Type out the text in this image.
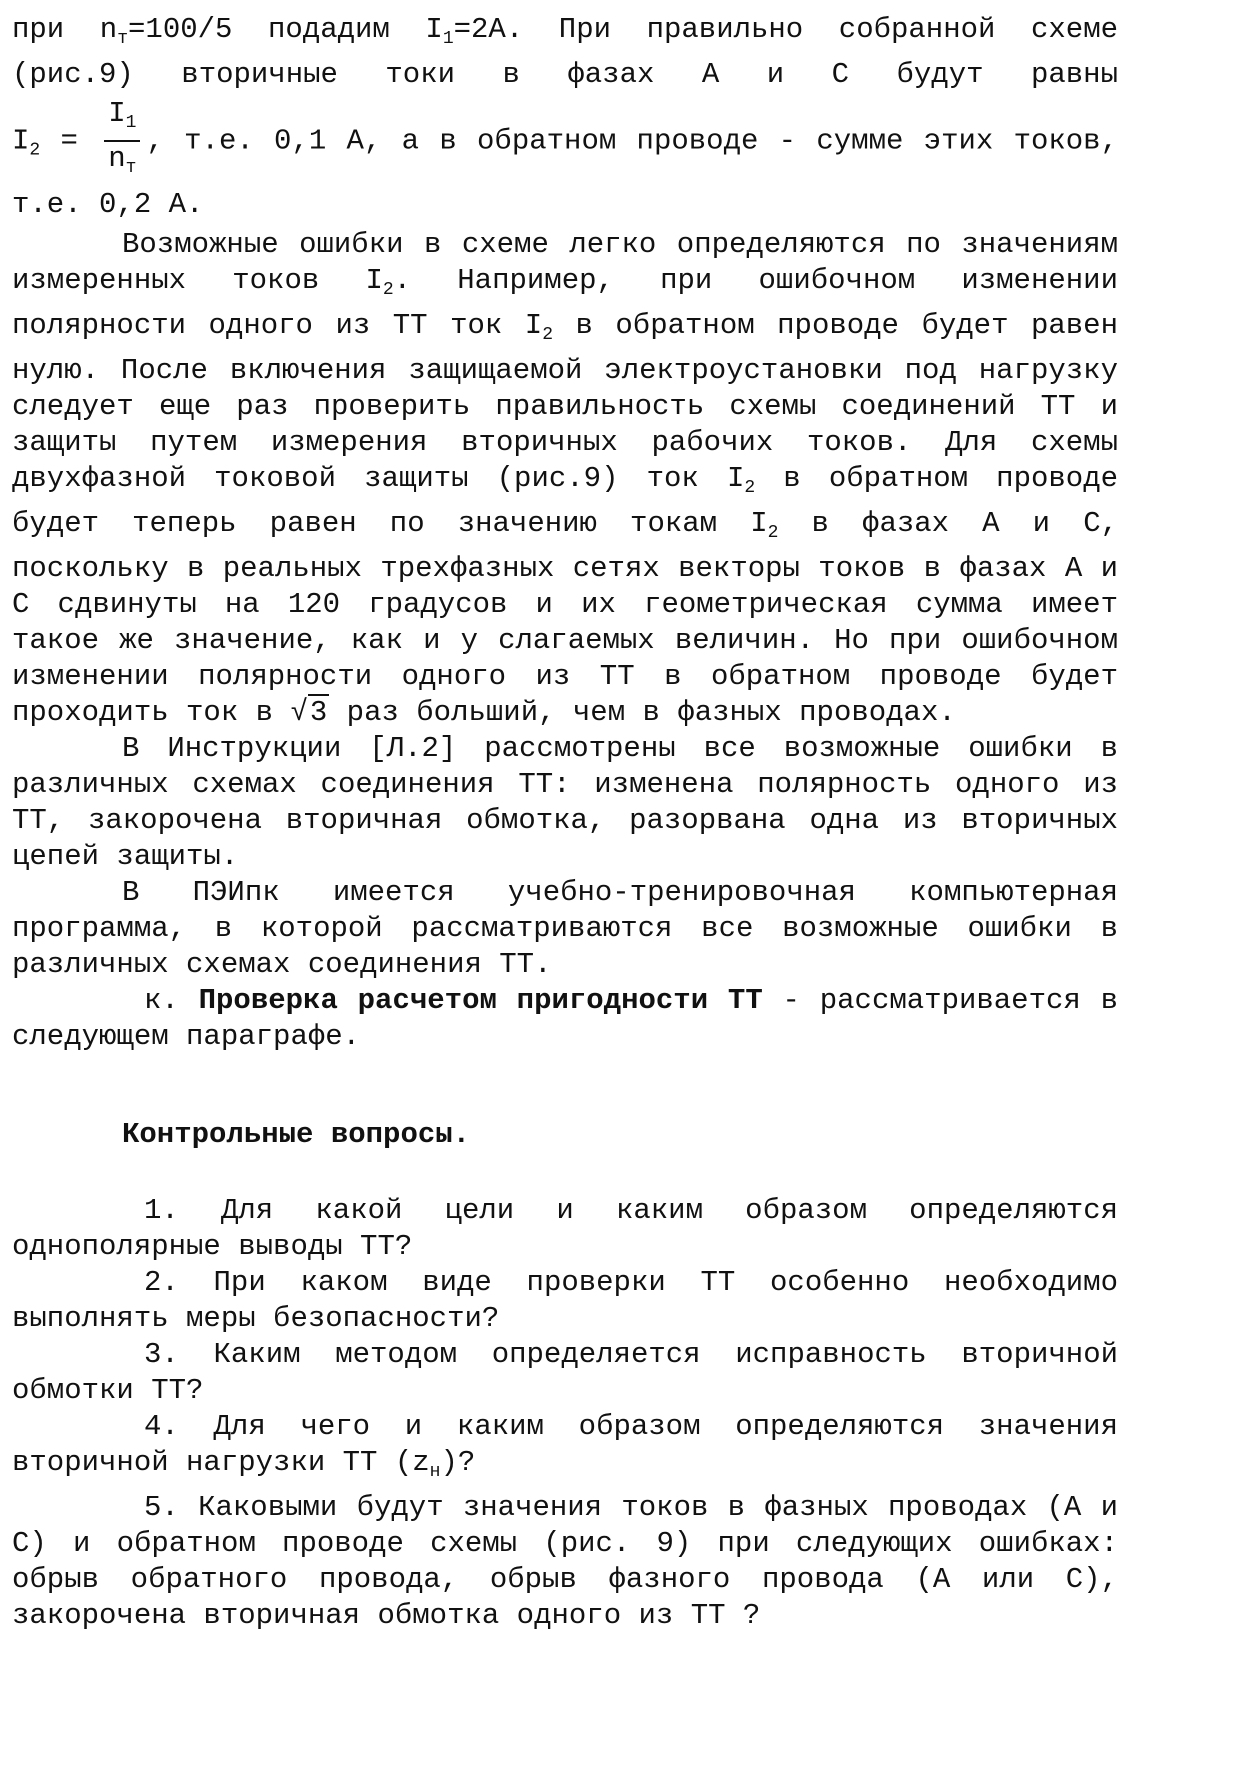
при $n_т=100/5$ подадим $I_1=2А$. При правильно собранной схеме (рис.9) вторичные токи в фазах А и С будут равны

$I_2 = \frac{I_1}{n_т}$ , т.е. 0,1 А, а в обратном проводе - сумме этих токов, т.е. 0,2 А.

Возможные ошибки в схеме легко определяются по значениям измеренных токов $I_2$. Например, при ошибочном изменении полярности одного из ТТ ток $I_2$ в обратном проводе будет равен нулю. После включения защищаемой электроустановки под нагрузку следует еще раз проверить правильность схемы соединений ТТ и защиты путем измерения вторичных рабочих токов. Для схемы двухфазной токовой защиты (рис.9) ток $I_2$ в обратном проводе будет теперь равен по значению токам $I_2$ в фазах А и С, поскольку в реальных трехфазных сетях векторы токов в фазах А и С сдвинуты на 120 градусов и их геометрическая сумма имеет такое же значение, как и у слагаемых величин. Но при ошибочном изменении полярности одного из ТТ в обратном проводе будет проходить ток в √3 раз больший, чем в фазных проводах.

В Инструкции [Л.2] рассмотрены все возможные ошибки в различных схемах соединения ТТ: изменена полярность одного из ТТ, закорочена вторичная обмотка, разорвана одна из вторичных цепей защиты.

В ПЭИпк имеется учебно-тренировочная компьютерная программа, в которой рассматриваются все возможные ошибки в различных схемах соединения ТТ.

к. Проверка расчетом пригодности ТТ - рассматривается в следующем параграфе.

Контрольные вопросы.

1. Для какой цели и каким образом определяются однополярные выводы ТТ?

2. При каком виде проверки ТТ особенно необходимо выполнять меры безопасности?

3. Каким методом определяется исправность вторичной обмотки ТТ?

4. Для чего и каким образом определяются значения вторичной нагрузки ТТ $(z_н)$?

5. Каковыми будут значения токов в фазных проводах (А и С) и обратном проводе схемы (рис. 9) при следующих ошибках: обрыв обратного провода, обрыв фазного провода (А или С), закорочена вторичная обмотка одного из ТТ ?
